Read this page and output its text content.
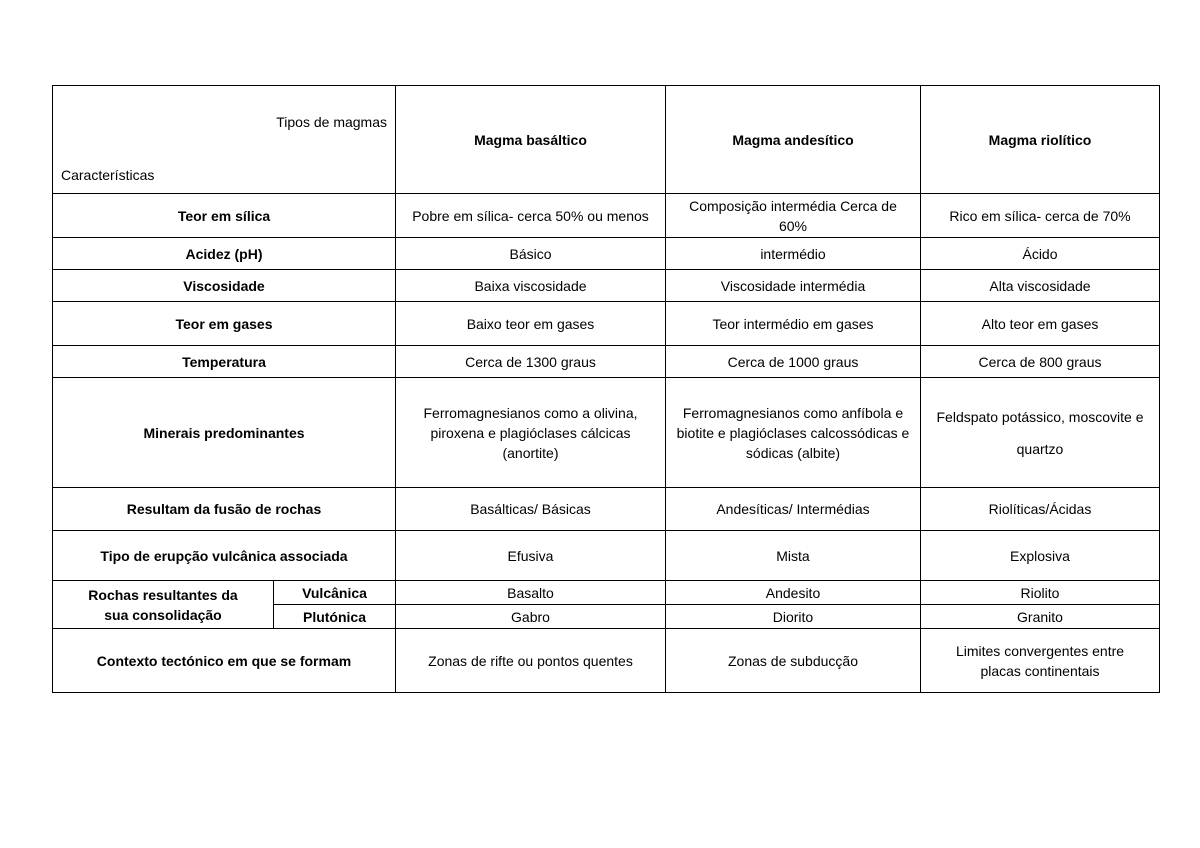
Tipos de magmas
Características		Magma basáltico	Magma andesítico	Magma riolítico
Teor em sílica		Pobre em sílica- cerca 50% ou menos	Composição intermédia Cerca de 60%	Rico em sílica- cerca de 70%
Acidez (pH)		Básico	intermédio	Ácido
Viscosidade		Baixa viscosidade	Viscosidade intermédia	Alta viscosidade
Teor em gases		Baixo teor em gases	Teor intermédio em gases	Alto teor em gases
Temperatura		Cerca de 1300 graus	Cerca de 1000 graus	Cerca de 800 graus
Minerais predominantes		Ferromagnesianos como a olivina, piroxena e plagióclases cálcicas (anortite)	Ferromagnesianos como anfíbola e biotite e plagióclases calcossódicas e sódicas (albite)	Feldspato potássico, moscovite e quartzo
Resultam da fusão de rochas		Basálticas/ Básicas	Andesíticas/ Intermédias	Riolíticas/Ácidas
Tipo de erupção vulcânica associada		Efusiva	Mista	Explosiva
Rochas resultantes da sua consolidação	Vulcânica	Basalto	Andesito	Riolito
	Plutónica	Gabro	Diorito	Granito
Contexto tectónico em que se formam		Zonas de rifte ou pontos quentes	Zonas de subducção	Limites convergentes entre placas continentais
